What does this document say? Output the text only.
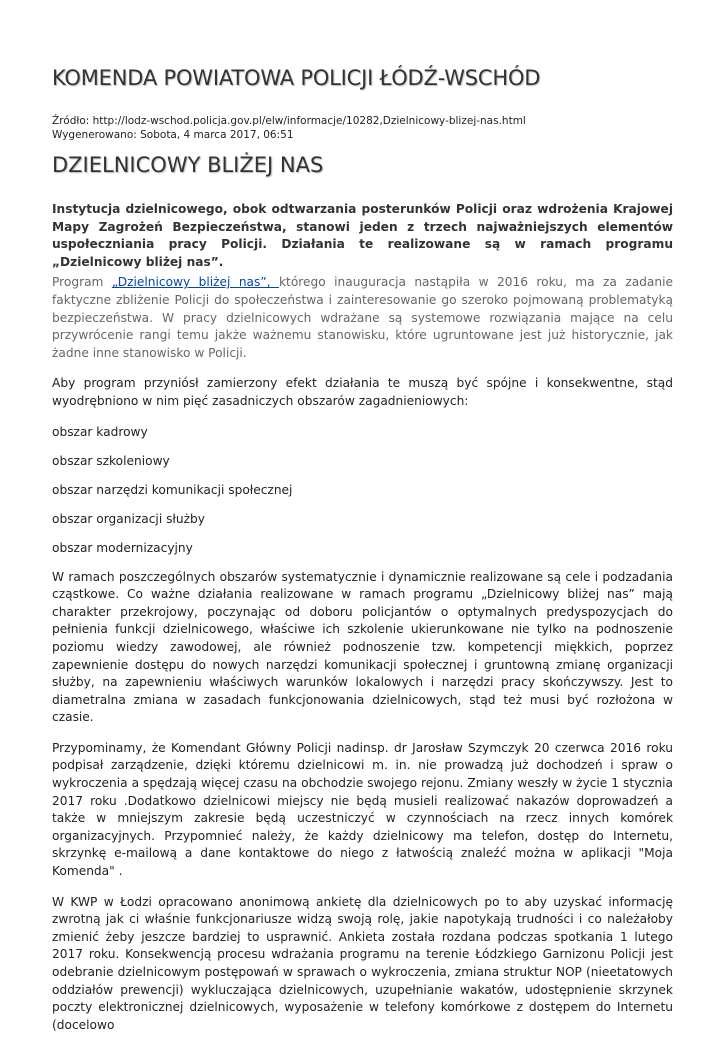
KOMENDA POWIATOWA POLICJI ŁÓDŹ-WSCHÓD
Źródło: http://lodz-wschod.policja.gov.pl/elw/informacje/10282,Dzielnicowy-blizej-nas.html
Wygenerowano: Sobota, 4 marca 2017, 06:51
DZIELNICOWY BLIŻEJ NAS

Instytucja dzielnicowego, obok odtwarzania posterunków Policji oraz wdrożenia Krajowej Mapy Zagrożeń Bezpieczeństwa, stanowi jeden z trzech najważniejszych elementów uspołeczniania pracy Policji. Działania te realizowane są w ramach programu „Dzielnicowy bliżej nas”.

Program „Dzielnicowy bliżej nas”, którego inauguracja nastąpiła w 2016 roku, ma za zadanie faktyczne zbliżenie Policji do społeczeństwa i zainteresowanie go szeroko pojmowaną problematyką bezpieczeństwa. W pracy dzielnicowych wdrażane są systemowe rozwiązania mające na celu przywrócenie rangi temu jakże ważnemu stanowisku, które ugruntowane jest już historycznie, jak żadne inne stanowisko w Policji.

Aby program przyniósł zamierzony efekt działania te muszą być spójne i konsekwentne, stąd wyodrębniono w nim pięć zasadniczych obszarów zagadnieniowych:

obszar kadrowy
obszar szkoleniowy
obszar narzędzi komunikacji społecznej
obszar organizacji służby
obszar modernizacyjny

W ramach poszczególnych obszarów systematycznie i dynamicznie realizowane są cele i podzadania cząstkowe. Co ważne działania realizowane w ramach programu „Dzielnicowy bliżej nas” mają charakter przekrojowy, poczynając od doboru policjantów o optymalnych predyspozycjach do pełnienia funkcji dzielnicowego, właściwe ich szkolenie ukierunkowane nie tylko na podnoszenie poziomu wiedzy zawodowej, ale również podnoszenie tzw. kompetencji miękkich, poprzez zapewnienie dostępu do nowych narzędzi komunikacji społecznej i gruntowną zmianę organizacji służby, na zapewnieniu właściwych warunków lokalowych i narzędzi pracy skończywszy. Jest to diametralna zmiana w zasadach funkcjonowania dzielnicowych, stąd też musi być rozłożona w czasie.

Przypominamy, że Komendant Główny Policji nadinsp. dr Jarosław Szymczyk 20 czerwca 2016 roku podpisał zarządzenie, dzięki któremu dzielnicowi m. in. nie prowadzą już dochodzeń i spraw o wykroczenia a spędzają więcej czasu na obchodzie swojego rejonu. Zmiany weszły w życie 1 stycznia 2017 roku .Dodatkowo dzielnicowi miejscy nie będą musieli realizować nakazów doprowadzeń a także w mniejszym zakresie będą uczestniczyć w czynnościach na rzecz innych komórek organizacyjnych. Przypomnieć należy, że każdy dzielnicowy ma telefon, dostęp do Internetu, skrzynkę e-mailową a dane kontaktowe do niego z łatwością znaleźć można w aplikacji "Moja Komenda" .

W KWP w Łodzi opracowano anonimową ankietę dla dzielnicowych po to aby uzyskać informację zwrotną jak ci właśnie funkcjonariusze widzą swoją rolę, jakie napotykają trudności i co należałoby zmienić żeby jeszcze bardziej to usprawnić. Ankieta została rozdana podczas spotkania 1 lutego 2017 roku. Konsekwencją procesu wdrażania programu na terenie Łódzkiego Garnizonu Policji jest odebranie dzielnicowym postępowań w sprawach o wykroczenia, zmiana struktur NOP (nieetatowych oddziałów prewencji) wykluczająca dzielnicowych, uzupełnianie wakatów, udostępnienie skrzynek poczty elektronicznej dzielnicowych, wyposażenie w telefony komórkowe z dostępem do Internetu (docelowo
